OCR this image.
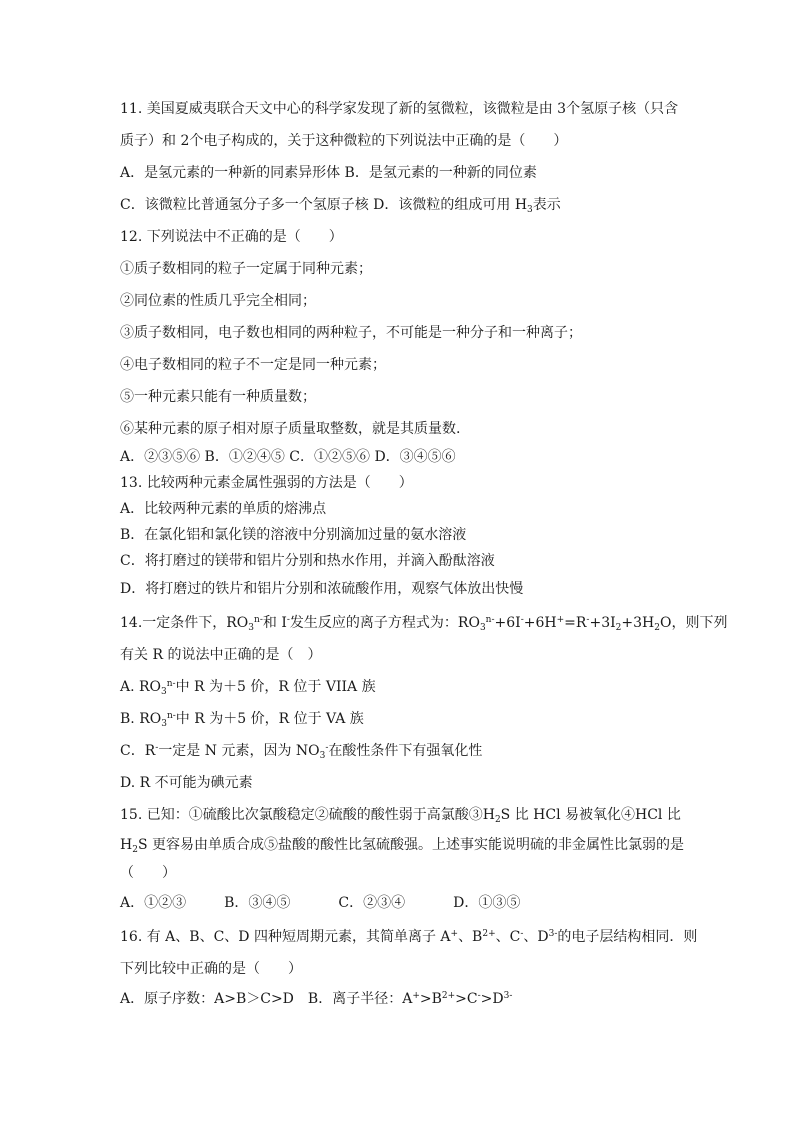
11. 美国夏威夷联合天文中心的科学家发现了新的氢微粒，该微粒是由 3个氢原子核（只含
质子）和 2个电子构成的，关于这种微粒的下列说法中正确的是（　　）
A．是氢元素的一种新的同素异形体 B．是氢元素的一种新的同位素
C．该微粒比普通氢分子多一个氢原子核 D．该微粒的组成可用 $H_3$表示
12. 下列说法中不正确的是（　　）
①质子数相同的粒子一定属于同种元素；
②同位素的性质几乎完全相同；
③质子数相同，电子数也相同的两种粒子，不可能是一种分子和一种离子；
④电子数相同的粒子不一定是同一种元素；
⑤一种元素只能有一种质量数；
⑥某种元素的原子相对原子质量取整数，就是其质量数.
A．②③⑤⑥ B．①②④⑤ C．①②⑤⑥ D．③④⑤⑥
13. 比较两种元素金属性强弱的方法是（　　）
A．比较两种元素的单质的熔沸点
B．在氯化铝和氯化镁的溶液中分别滴加过量的氨水溶液
C．将打磨过的镁带和铝片分别和热水作用，并滴入酚酞溶液
D．将打磨过的铁片和铝片分别和浓硫酸作用，观察气体放出快慢
14.一定条件下，$RO_3^{n-}$和 I-发生反应的离子方程式为：$RO_3^{n-}+6I^-+6H^+=R^-+3I_2+3H_2O$，则下列
有关 R 的说法中正确的是（　）
A. $RO_3^{n-}$中 R 为＋5 价，R 位于 VIIA 族
B. $RO_3^{n-}$中 R 为＋5 价，R 位于 VA 族
C．R-一定是 N 元素，因为 $NO_3^-$在酸性条件下有强氧化性
D. R 不可能为碘元素
15. 已知：①硫酸比次氯酸稳定②硫酸的酸性弱于高氯酸$③H_2S$ 比 HCl 易被氧化④HCl 比
$H_2S$ 更容易由单质合成⑤盐酸的酸性比氢硫酸强。上述事实能说明硫的非金属性比氯弱的是
（　　）
A．①②③	B．③④⑤	C．②③④	D．①③⑤
16. 有 A、B、C、D 四种短周期元素，其简单离子 A+、$B^{2+}$、C-、$D^{3-}$的电子层结构相同．则
下列比较中正确的是（　　）
A．原子序数：A>B＞C>D　B．离子半径：$A^+>B^{2+}>C^->D^{3-}$
